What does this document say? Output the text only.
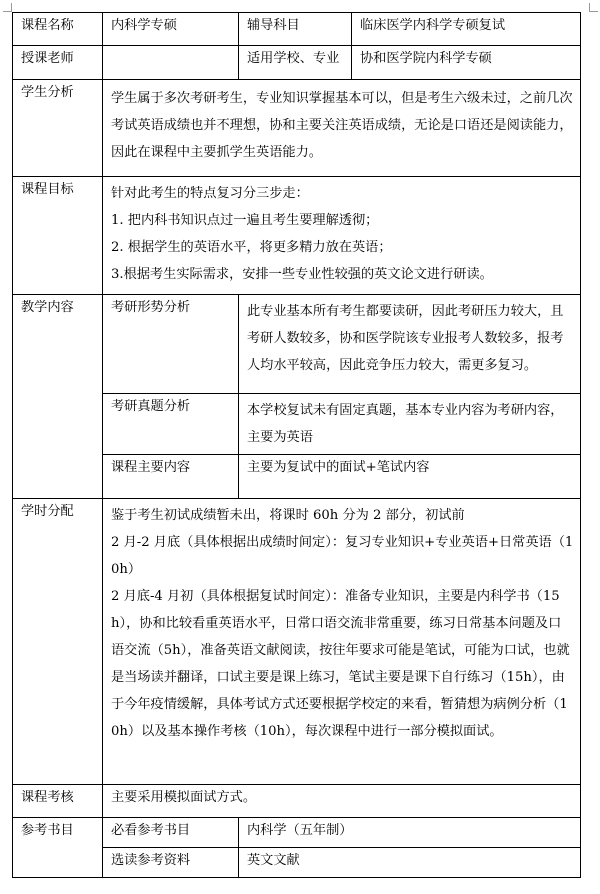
课程名称	内科学专硕	辅导科目	临床医学内科学专硕复试
授课老师		适用学校、专业	协和医学院内科学专硕
学生分析	学生属于多次考研考生，专业知识掌握基本可以，但是考生六级未过，之前几次考试英语成绩也并不理想，协和主要关注英语成绩，无论是口语还是阅读能力，因此在课程中主要抓学生英语能力。		

课程目标	针对此考生的特点复习分三步走：

1. 把内科书知识点过一遍且考生要理解透彻；

2. 根据学生的英语水平，将更多精力放在英语；

3.根据考生实际需求，安排一些专业性较强的英文论文进行研读。		

教学内容	考研形势分析	此专业基本所有考生都要读研，因此考研压力较大，且考研人数较多，协和医学院该专业报考人数较多，报考人均水平较高，因此竞争压力较大，需更多复习。	

	考研真题分析	本学校复试未有固定真题，基本专业内容为考研内容，主要为英语	

	课程主要内容	主要为复试中的面试+笔试内容	
学时分配	鉴于考生初试成绩暂未出，将课时 60h 分为 2 部分，初试前

2 月-2 月底（具体根据出成绩时间定）：复习专业知识+专业英语+日常英语（10h）

2 月底-4 月初（具体根据复试时间定）：准备专业知识，主要是内科学书（15h），协和比较看重英语水平，日常口语交流非常重要，练习日常基本问题及口语交流（5h），准备英语文献阅读，按往年要求可能是笔试，可能为口试，也就是当场读并翻译，口试主要是课上练习，笔试主要是课下自行练习（15h），由于今年疫情缓解，具体考试方式还要根据学校定的来看，暂猜想为病例分析（10h）以及基本操作考核（10h），每次课程中进行一部分模拟面试。		

课程考核	主要采用模拟面试方式。		
参考书目	必看参考书目	内科学（五年制）	
	选读参考资料	英文文献	
